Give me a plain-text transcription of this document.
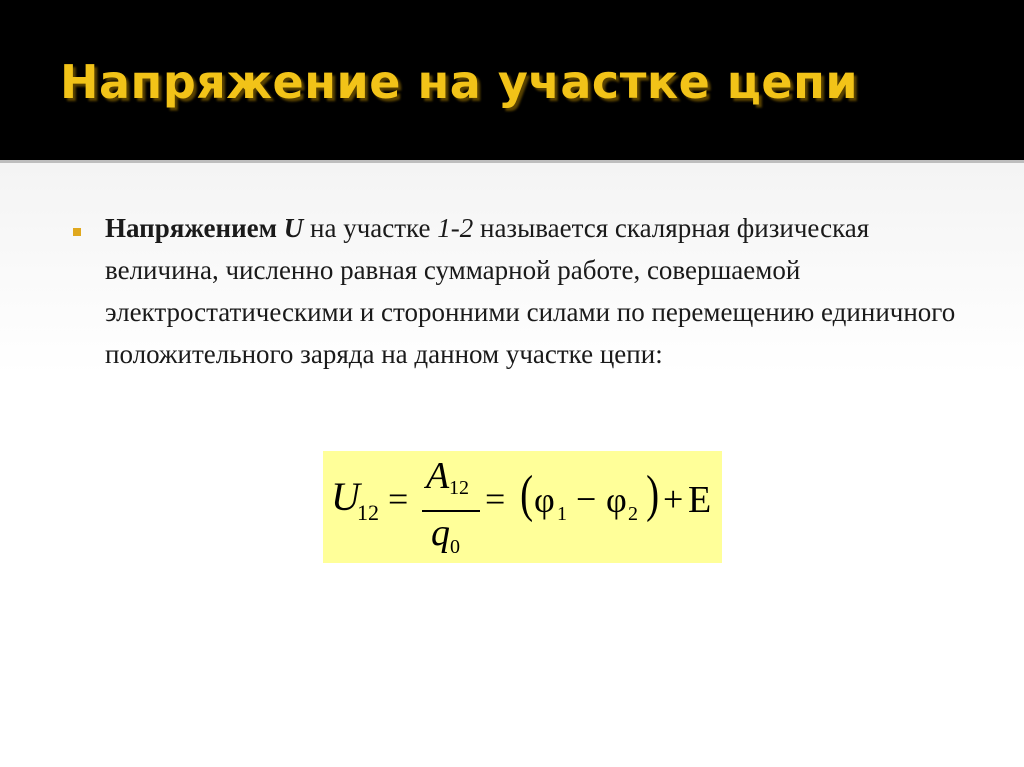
Напряжение на участке цепи
Напряжением U на участке 1-2 называется скалярная физическая величина, численно равная суммарной работе, совершаемой электростатическими и сторонними силами по перемещению единичного положительного заряда на данном участке цепи:
U
12 =
A 12
q 0
= ( φ 1 − φ 2 ) + E
